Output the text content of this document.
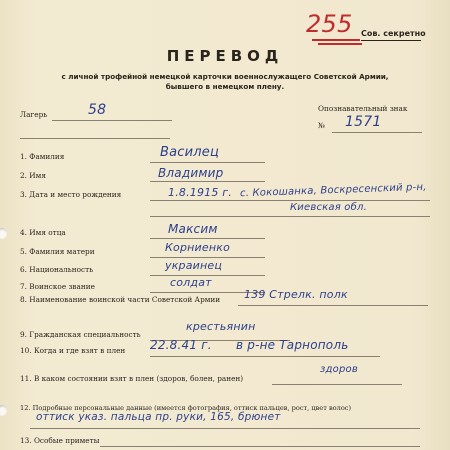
255 Сов. секретно
ПЕРЕВОД
с личной трофейной немецкой карточки военнослужащего Советской Армии,
бывшего в немецком плену.
Лагерь	58	Опознавательный знак
№ 1571
1. Фамилия	Василец
2. Имя	Владимир
3. Дата и место рождения	1.8.1915 г. с. Кокошанка, Воскресенский р-н,
Киевская обл.
4. Имя отца	Максим
5. Фамилия матери	Корниенко
6. Национальность	украинец
7. Воинское звание	солдат
8. Наименование воинской части Советской Армии 139 Стрелк. полк
9. Гражданская специальность
крестьянин
10. Когда и где взят в плен 22.8.41 г. в р-не Тарнополь
11. В каком состоянии взят в плен (здоров, болен, ранен)
здоров
12. Подробные персональные данные (имеется фотография, оттиск пальцев, рост, цвет волос)
оттиск указ. пальца пр. руки, 165, брюнет
13. Особые приметы
